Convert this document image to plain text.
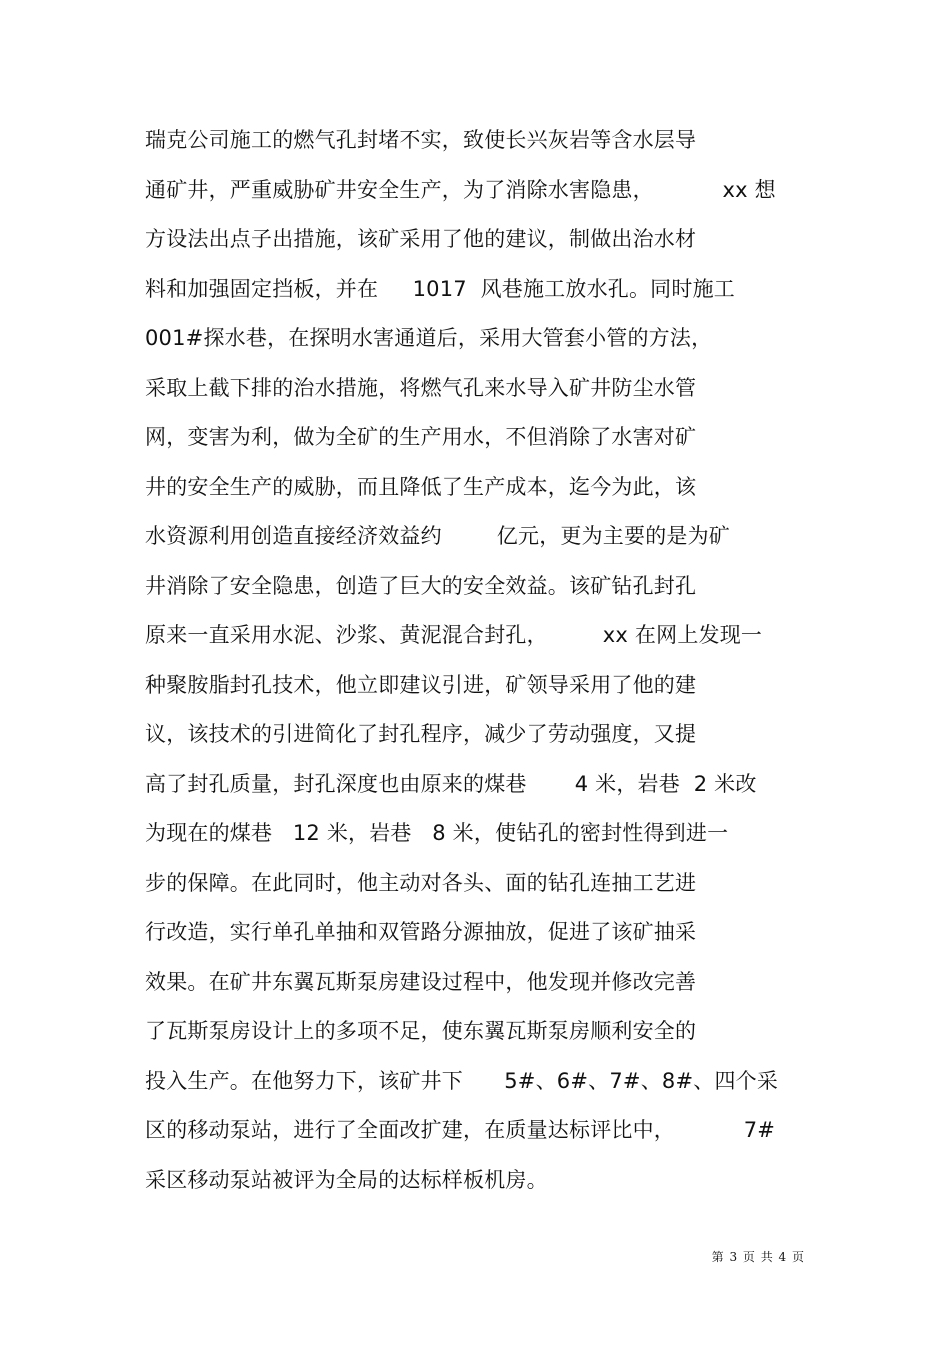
瑞克公司施工的燃气孔封堵不实，致使长兴灰岩等含水层导
通矿井，严重威胁矿井安全生产，为了消除水害隐患，          xx 想
方设法出点子出措施，该矿采用了他的建议，制做出治水材
料和加强固定挡板，并在     1017  风巷施工放水孔。同时施工
001#探水巷，在探明水害通道后，采用大管套小管的方法，
采取上截下排的治水措施，将燃气孔来水导入矿井防尘水管
网，变害为利，做为全矿的生产用水，不但消除了水害对矿
井的安全生产的威胁，而且降低了生产成本，迄今为此，该
水资源利用创造直接经济效益约        亿元，更为主要的是为矿
井消除了安全隐患，创造了巨大的安全效益。该矿钻孔封孔
原来一直采用水泥、沙浆、黄泥混合封孔，        xx 在网上发现一
种聚胺脂封孔技术，他立即建议引进，矿领导采用了他的建
议，该技术的引进简化了封孔程序，减少了劳动强度，又提
高了封孔质量，封孔深度也由原来的煤巷       4 米，岩巷  2 米改
为现在的煤巷   12 米，岩巷   8 米，使钻孔的密封性得到进一
步的保障。在此同时，他主动对各头、面的钻孔连抽工艺进
行改造，实行单孔单抽和双管路分源抽放，促进了该矿抽采
效果。在矿井东翼瓦斯泵房建设过程中，他发现并修改完善
了瓦斯泵房设计上的多项不足，使东翼瓦斯泵房顺利安全的
投入生产。在他努力下，该矿井下      5#、6#、7#、8#、四个采
区的移动泵站，进行了全面改扩建，在质量达标评比中，          7#
采区移动泵站被评为全局的达标样板机房。
第 3 页 共 4 页
